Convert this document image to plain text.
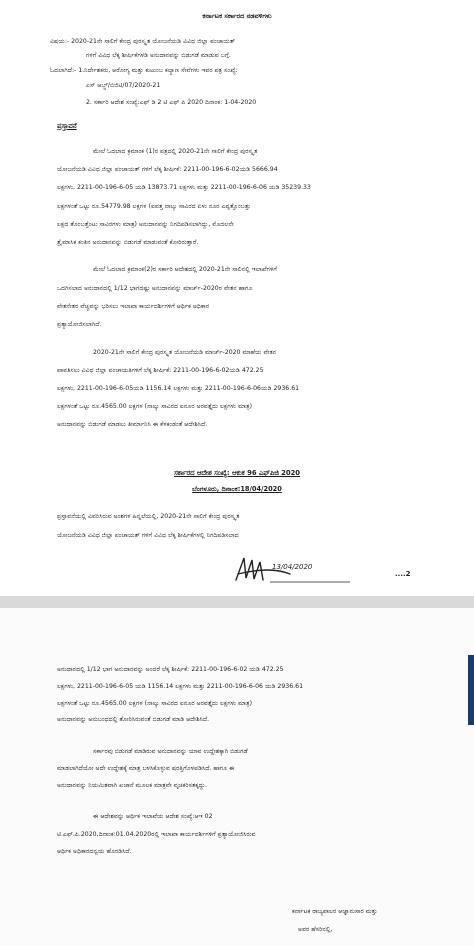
ಕರ್ನಾಟಕ ಸರ್ಕಾರದ ನಡವಳಿಗಳು
ವಿಷಯ:- 2020-21ನೇ ಸಾಲಿಗೆ ಕೇಂದ್ರ ಪುರಸ್ಕೃತ ಯೋಜನೆಯಡಿ ವಿವಿಧ ಜಿಲ್ಲಾ ಪಂಚಾಯತ್
ಗಳಿಗೆ ವಿವಿಧ ಲೆಕ್ಕ ಶೀರ್ಷಿಕೆಗಳಡಿ ಅನುದಾನವನ್ನು ಬಿಡುಗಡೆ ಮಾಡುವ ಬಗ್ಗೆ.
ಓದಲಾಗಿದೆ:- 1.ನಿರ್ದೇಶಕರು, ಆರೋಗ್ಯ ಮತ್ತು ಕುಟುಂಬ ಕಲ್ಯಾಣ ಸೇವೆಗಳು ಇವರ ಪತ್ರ ಸಂಖ್ಯೆ:
ಎಸ್ ಆಬ್ಜ್/ಬಿಜಿಟಿ/07/2020-21
2. ಸರ್ಕಾರಿ ಆದೇಶ ಸಂಖ್ಯೆ:ಎಫ್ ಡಿ 2 ಟಿ ಎಫ್ ಪಿ 2020 ದಿನಾಂಕ: 1-04-2020
ಪ್ರಸ್ತಾವನೆ
ಮೇಲೆ ಓದಲಾದ ಕ್ರಮಾಂಕ (1)ರ ಪತ್ರದಲ್ಲಿ 2020-21ನೇ ಸಾಲಿಗೆ ಕೇಂದ್ರ ಪುರಸ್ಕೃತ
ಯೋಜನೆಯಡಿ ವಿವಿಧ ಜಿಲ್ಲಾ ಪಂಚಾಯತ್ ಗಳಿಗೆ ಲೆಕ್ಕ ಶೀರ್ಷಿಕೆ: 2211-00-196-6-02ಯಡಿ 5666.94
ಲಕ್ಷಗಳು, 2211-00-196-6-05 ಯಡಿ 13873.71 ಲಕ್ಷಗಳು ಮತ್ತು 2211-00-196-6-06 ಯಡಿ 35239.33
ಲಕ್ಷಗಳಂತೆ ಒಟ್ಟು ರೂ.54779.98 ಲಕ್ಷಗಳ (ಐವತ್ತ ನಾಲ್ಕು ಸಾವಿರದ ಏಳು ನೂರ ಎಪ್ಪತ್ತೊಂಬತ್ತು
ಲಕ್ಷದ ತೊಂಬತ್ತೆಂಟು ಸಾವಿರಗಳು ಮಾತ್ರ) ಅನುದಾನವನ್ನು ನಿಗದಿಪಡಿಸಲಾಗಿದ್ದು, ಮೊದಲನೇ
ತ್ರೈಮಾಸಿಕ ಕಂತಿನ ಅನುದಾನವನ್ನು ಬಿಡುಗಡೆ ಮಾಡುವಂತೆ ಕೋರಿರುತ್ತಾರೆ.
ಮೇಲೆ ಓದಲಾದ ಕ್ರಮಾಂಕ(2)ರ ಸರ್ಕಾರಿ ಆದೇಶದಲ್ಲಿ 2020-21ನೇ ಸಾಲಿನಲ್ಲಿ ಇಲಾಖೆಗಳಿಗೆ
ಒದಗಿಸಲಾದ ಅನುದಾನದಲ್ಲಿ 1/12 ಭಾಗದಷ್ಟು ಅನುದಾನವನ್ನು ಮಾರ್ಚ್-2020ರ ವೇತನ ಹಾಗೂ
ವೇತನೇತರ ವೆಚ್ಚವನ್ನು ಭರಿಸಲು ಇಲಾಖಾ ಕಾರ್ಯದರ್ಶಿಗಳಿಗೆ ಆರ್ಥಿಕ ಅಧಿಕಾರ
ಪ್ರತ್ಯಾಯೋಜಿಸಲಾಗಿದೆ.
2020-21ನೇ ಸಾಲಿಗೆ ಕೇಂದ್ರ ಪುರಸ್ಕೃತ ಯೋಜನೆಯಡಿ ಮಾರ್ಚ್-2020 ಮಾಹೆಯ ವೇತನ
ಪಾವತಿಸಲು ವಿವಿಧ ಜಿಲ್ಲಾ ಪಂಚಾಯತಿಗಳಿಗೆ ಲೆಕ್ಕ ಶೀರ್ಷಿಕೆ: 2211-00-196-6-02ಯಡಿ 472.25
ಲಕ್ಷಗಳು, 2211-00-196-6-05ಯಡಿ 1156.14 ಲಕ್ಷಗಳು ಮತ್ತು 2211-00-196-6-06ಯಡಿ 2936.61
ಲಕ್ಷಗಳಂತೆ ಒಟ್ಟು ರೂ.4565.00 ಲಕ್ಷಗಳ (ನಾಲ್ಕು ಸಾವಿರದ ಐನೂರ ಅರವತ್ತೈದು ಲಕ್ಷಗಳು ಮಾತ್ರ)
ಅನುದಾನವನ್ನು ಬಿಡುಗಡೆ ಮಾಡಲು ತೀರ್ಮಾನಿಸಿ ಈ ಕೆಳಕಂಡಂತೆ ಆದೇಶಿಸಿದೆ.
ಸರ್ಕಾರದ ಆದೇಶ ಸಂಖ್ಯೆ: ಆಕುಕ 96 ಎಫ್‌ಪಿಜಿ 2020
ಬೆಂಗಳೂರು, ದಿನಾಂಕ:18/04/2020
ಪ್ರಸ್ತಾವನೆಯಲ್ಲಿ ವಿವರಿಸಿರುವ ಅಂಶಗಳ ಹಿನ್ನಲೆಯಲ್ಲಿ, 2020-21ನೇ ಸಾಲಿಗೆ ಕೇಂದ್ರ ಪುರಸ್ಕೃತ
ಯೋಜನೆಯಡಿ ವಿವಿಧ ಜಿಲ್ಲಾ ಪಂಚಾಯತ್ ಗಳಿಗೆ ವಿವಿಧ ಲೆಕ್ಕ ಶೀರ್ಷಿಕೆಗಳಲ್ಲಿ ನಿಗದಿಪಡಿಸಲಾದ
13/04/2020
....2
ಅನುದಾನದಲ್ಲಿ 1/12 ಭಾಗ ಅನುದಾನವನ್ನು ಅಂದರೆ ಲೆಕ್ಕ ಶೀರ್ಷಿಕೆ: 2211-00-196-6-02 ಯಡಿ 472.25
ಲಕ್ಷಗಳು, 2211-00-196-6-05 ಯಡಿ 1156.14 ಲಕ್ಷಗಳು ಮತ್ತು 2211-00-196-6-06 ಯಡಿ 2936.61
ಲಕ್ಷಗಳಂತೆ ಒಟ್ಟು ರೂ.4565.00 ಲಕ್ಷಗಳ (ನಾಲ್ಕು ಸಾವಿರದ ಐನೂರ ಅರವತ್ತೈದು ಲಕ್ಷಗಳು ಮಾತ್ರ)
ಅನುದಾನವನ್ನು ಅನುಬಂಧದಲ್ಲಿ ತೋರಿಸಿರುವಂತೆ ಬಿಡುಗಡೆ ಮಾಡಿ ಆದೇಶಿಸಿದೆ.
ಸರ್ಕಾರವು ಬಿಡುಗಡೆ ಮಾಡಿರುವ ಅನುದಾನವನ್ನು ಯಾವ ಉದ್ದೇಶಕ್ಕಾಗಿ ಬಿಡುಗಡೆ
ಮಾಡಲಾಗಿದೆಯೋ ಅದೇ ಉದ್ದೇಶಕ್ಕೆ ಮಾತ್ರ ಬಳಸಿಕೊಳ್ಳುವ ಷರತ್ತಿಗೊಳಪಡಿಸಿದೆ. ಹಾಗೂ ಈ
ಅನುದಾನವನ್ನು ನಿಯಮಿತವಾಗಿ ಖಜಾನೆ ಮೂಲಕ ಮಾತ್ರವೇ ವೃಚಕರಿಸತಕ್ಕದ್ದು.
ಈ ಆದೇಶವನ್ನು ಆರ್ಥಿಕ ಇಲಾಖೆಯ ಆದೇಶ ಸಂಖ್ಯೆ:ಆಇ 02
ಟಿ.ಎಫ್.ಪಿ.2020,ದಿನಾಂಕ:01.04.2020ರಲ್ಲಿ ಇಲಾಖಾ ಕಾರ್ಯದರ್ಶಿಗಳಿಗೆ ಪ್ರತ್ಯಾಯೋಜಿಸಿರುವ
ಆರ್ಥಿಕ ಅಧಿಕಾರದನ್ವಯ ಹೊರಡಿಸಿದೆ.
ಕರ್ನಾಟಕ ರಾಜ್ಯಪಾಲರ ಆಜ್ಞಾನುಸಾರ ಮತ್ತು
ಅವರ ಹೆಸರಿನಲ್ಲಿ,
